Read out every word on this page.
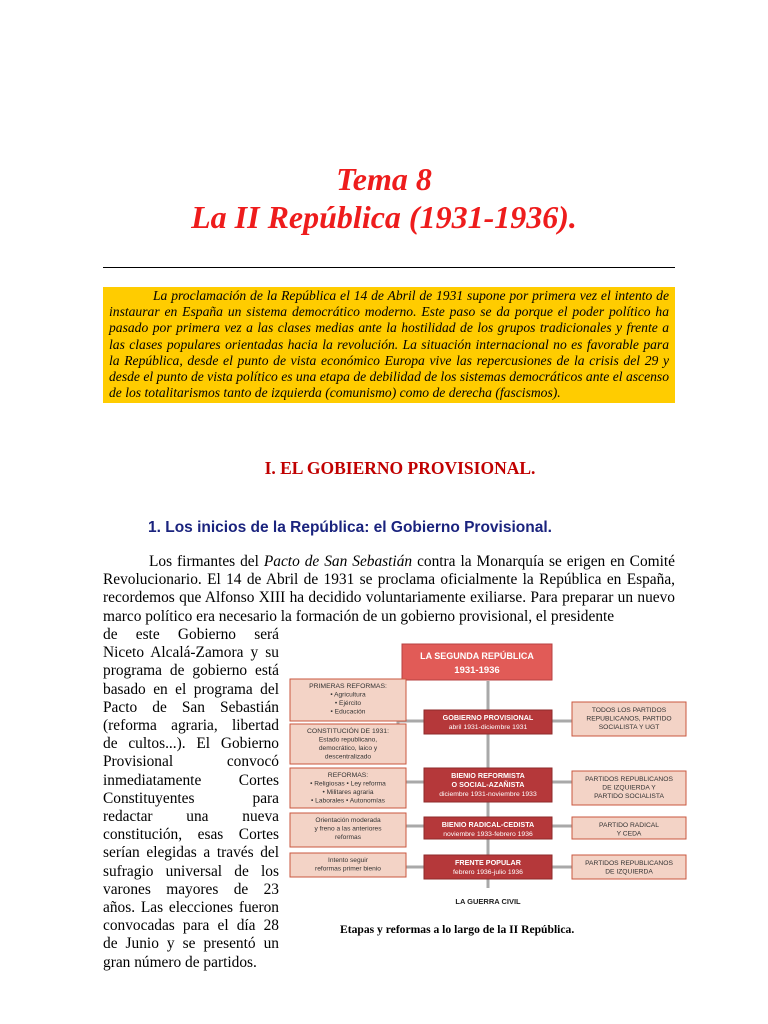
Tema 8
La II República (1931-1936).
La proclamación de la República el 14 de Abril de 1931 supone por primera vez el intento de instaurar en España un sistema democrático moderno. Este paso se da porque el poder político ha pasado por primera vez a las clases medias ante la hostilidad de los grupos tradicionales y frente a las clases populares orientadas hacia la revolución. La situación internacional no es favorable para la República, desde el punto de vista económico Europa vive las repercusiones de la crisis del 29 y desde el punto de vista político es una etapa de debilidad de los sistemas democráticos ante el ascenso de los totalitarismos tanto de izquierda (comunismo) como de derecha (fascismos).
I. EL GOBIERNO PROVISIONAL.
1. Los inicios de la República: el Gobierno Provisional.

Los firmantes del Pacto de San Sebastián contra la Monarquía se erigen en Comité Revolucionario. El 14 de Abril de 1931 se proclama oficialmente la República en España, recordemos que Alfonso XIII ha decidido voluntariamente exiliarse. Para preparar un nuevo marco político era necesario la formación de un gobierno provisional, el presidente

de este Gobierno será
Niceto Alcalá-Zamora y su
programa de gobierno está
basado en el programa del
Pacto de San Sebastián
(reforma agraria, libertad
de cultos...). El Gobierno
Provisional convocó
inmediatamente Cortes
Constituyentes para
redactar una nueva
constitución, esas Cortes
serían elegidas a través del
sufragio universal de los
varones mayores de 23
años. Las elecciones fueron
convocadas para el día 28
de Junio y se presentó un
gran número de partidos.

LA SEGUNDA REPÚBLICA
1931-1936
GOBIERNO PROVISIONAL
abril 1931-diciembre 1931
BIENIO REFORMISTA
O SOCIAL-AZAÑISTA
diciembre 1931-noviembre 1933
BIENIO RADICAL-CEDISTA
noviembre 1933-febrero 1936
FRENTE POPULAR
febrero 1936-julio 1936
PRIMERAS REFORMAS:
• Agricultura
• Ejército
• Educación
CONSTITUCIÓN DE 1931:
Estado republicano,
democrático, laico y
descentralizado
REFORMAS:
• Religiosas • Ley reforma
• Militares agraria
• Laborales • Autonomías
Orientación moderada
y freno a las anteriores
reformas
Intento seguir
reformas primer bienio
TODOS LOS PARTIDOS
REPUBLICANOS, PARTIDO
SOCIALISTA Y UGT
PARTIDOS REPUBLICANOS
DE IZQUIERDA Y
PARTIDO SOCIALISTA
PARTIDO RADICAL
Y CEDA
PARTIDOS REPUBLICANOS
DE IZQUIERDA
LA GUERRA CIVIL

Etapas y reformas a lo largo de la II República.
